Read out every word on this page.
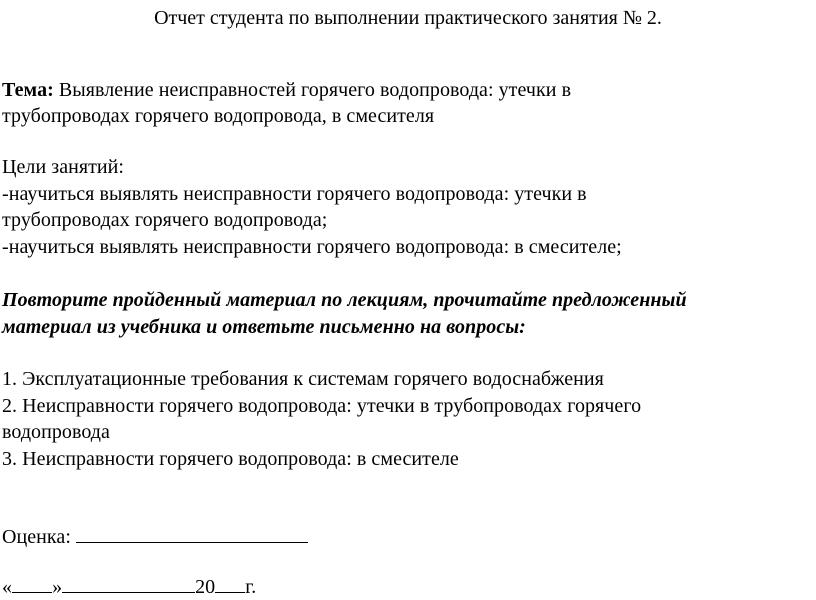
Отчет студента по выполнении практического занятия № 2.
Тема: Выявление неисправностей горячего водопровода: утечки в
трубопроводах горячего водопровода, в смесителя
Цели занятий:
-научиться выявлять неисправности горячего водопровода: утечки в
трубопроводах горячего водопровода;
-научиться выявлять неисправности горячего водопровода: в смесителе;
Повторите пройденный материал по лекциям, прочитайте предложенный
материал из учебника и ответьте письменно на вопросы:
1. Эксплуатационные требования к системам горячего водоснабжения
2. Неисправности горячего водопровода: утечки в трубопроводах горячего
водопровода
3. Неисправности горячего водопровода: в смесителе
Оценка:
« »	20 г.
